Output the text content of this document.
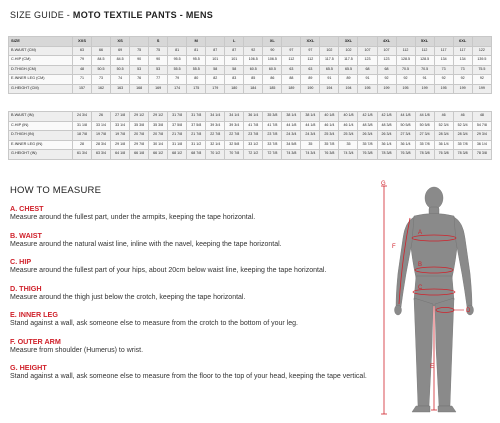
SIZE GUIDE - MOTO TEXTILE PANTS - MENS
SIZE	XXS		XS		S		M		L		XL		XXL		3XL		4XL		5XL		6XL	
B.WAIST (CM)	63	66	69	75	75	81	81	87	87	92	90	97	97	102	102	107	107	112	112	117	117	122
C.HIP (CM)	79	84.5	84.5	90	90	95.5	95.5	101	101	106.5	106.5	112	112	117.5	117.5	123	123	128.5	128.5	134	134	139.5
D.THIGH (CM)	48	50.5	50.5	53	53	55.5	55.5	58	58	60.5	60.5	63	63	65.5	65.5	68	68	70.5	70.5	73	73	75.5
E.INNER LEG (CM)	71	73	74	76	77	79	80	82	83	85	86	88	89	91	89	91	92	92	91	92	92	92
G.HEIGHT (CM)	157	162	163	168	169	174	175	179	180	184	185	189	190	194	194	195	199	195	199	195	199	199
B.WAIST (IN)	24 3/4	26	27 1/8	29 1/2	29 1/2	31 7/8	31 7/8	34 1/4	34 1/4	36 1/4	35 3/8	38 1/4	38 1/4	40 1/8	40 1/8	42 1/8	42 1/8	44 1/8	44 1/8	46	46	48
C.HIP (IN)	31 1/8	33 1/4	33 1/4	35 3/8	35 3/8	37 5/8	37 5/8	39 3/4	39 3/4	41 7/8	41 7/8	44 1/8	44 1/8	46 1/4	46 1/4	48 3/8	48 3/8	50 5/8	50 5/8	52 3/4	52 3/4	54 7/8
D.THIGH (IN)	18 7/8	19 7/8	19 7/8	20 7/8	20 7/8	21 7/8	21 7/8	22 7/8	22 7/8	23 7/8	23 7/8	24 3/4	24 3/4	25 3/4	25 3/4	26 3/4	26 3/4	27 3/4	27 3/4	28 3/4	28 3/4	29 3/4
E.INNER LEG (IN)	28	28 3/4	29 1/8	29 7/8	30 1/4	31 1/8	31 1/2	32 1/4	32 5/8	33 1/2	33 7/8	34 5/8	35	35 7/8	35	35 7/8	36 1/4	36 1/4	35 7/8	36 1/4	35 7/8	36 1/4
G.HEIGHT (IN)	61 3/4	63 3/4	64 1/8	66 1/8	66 1/2	68 1/2	68 7/8	70 1/2	70 7/8	72 1/2	72 7/8	74 3/8	74 3/4	76 3/8	74 3/4	76 3/8	78 3/8	76 3/8	78 3/8	76 3/8	78 3/8	78 3/8
HOW TO MEASURE
A. CHEST
Measure around the fullest part, under the armpits, keeping the tape horizontal.
B. WAIST
Measure around the natural waist line, inline with the navel, keeping the tape horizontal.
C. HIP
Measure around the fullest part of your hips, about 20cm below waist line, keeping the tape horizontal.
D. THIGH
Measure around the thigh just below the crotch, keeping the tape horizontal.
E. INNER LEG
Stand against a wall, ask someone else to measure from the crotch to the bottom of your leg.
F. OUTER ARM
Measure from shoulder (Humerus) to wrist.
G. HEIGHT
Stand against a wall, ask someone else to measure from the floor to the top of your head, keeping the tape vertical.
G
F
A
B
C
D
E
